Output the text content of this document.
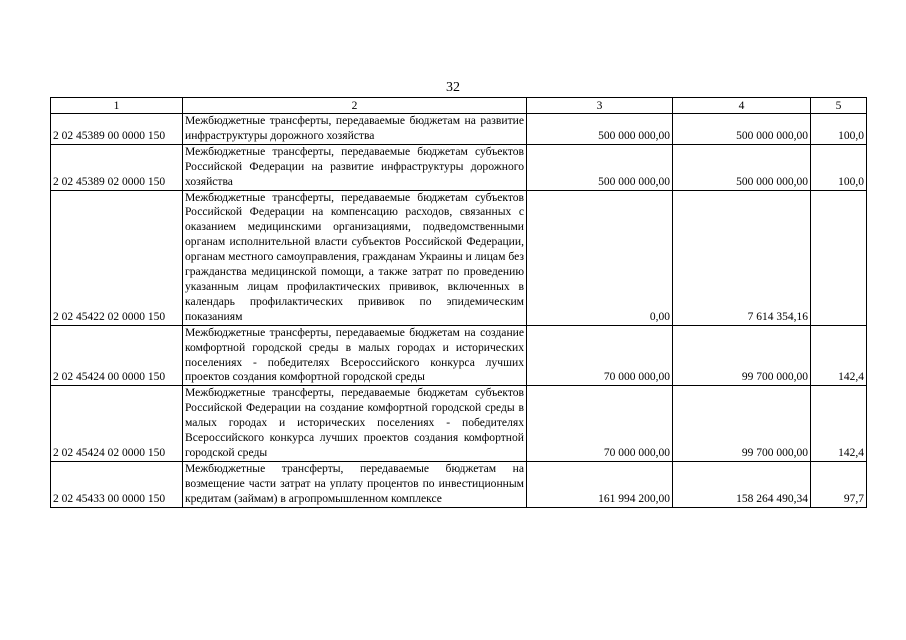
32
1	2	3	4	5
2 02 45389 00 0000 150	Межбюджетные трансферты, передаваемые бюджетам на развитие инфраструктуры дорожного хозяйства	500 000 000,00	500 000 000,00	100,0
2 02 45389 02 0000 150	Межбюджетные трансферты, передаваемые бюджетам субъектов Российской Федерации на развитие инфраструктуры дорожного хозяйства	500 000 000,00	500 000 000,00	100,0
2 02 45422 02 0000 150	Межбюджетные трансферты, передаваемые бюджетам субъектов Российской Федерации на компенсацию расходов, связанных с оказанием медицинскими организациями, подведомственными органам исполнительной власти субъектов Российской Федерации, органам местного самоуправления, гражданам Украины и лицам без гражданства медицинской помощи, а также затрат по проведению указанным лицам профилактических прививок, включенных в календарь профилактических прививок по эпидемическим показаниям	0,00	7 614 354,16	
2 02 45424 00 0000 150	Межбюджетные трансферты, передаваемые бюджетам на создание комфортной городской среды в малых городах и исторических поселениях - победителях Всероссийского конкурса лучших проектов создания комфортной городской среды	70 000 000,00	99 700 000,00	142,4
2 02 45424 02 0000 150	Межбюджетные трансферты, передаваемые бюджетам субъектов Российской Федерации на создание комфортной городской среды в малых городах и исторических поселениях - победителях Всероссийского конкурса лучших проектов создания комфортной городской среды	70 000 000,00	99 700 000,00	142,4
2 02 45433 00 0000 150	Межбюджетные трансферты, передаваемые бюджетам на возмещение части затрат на уплату процентов по инвестиционным кредитам (займам) в агропромышленном комплексе	161 994 200,00	158 264 490,34	97,7
